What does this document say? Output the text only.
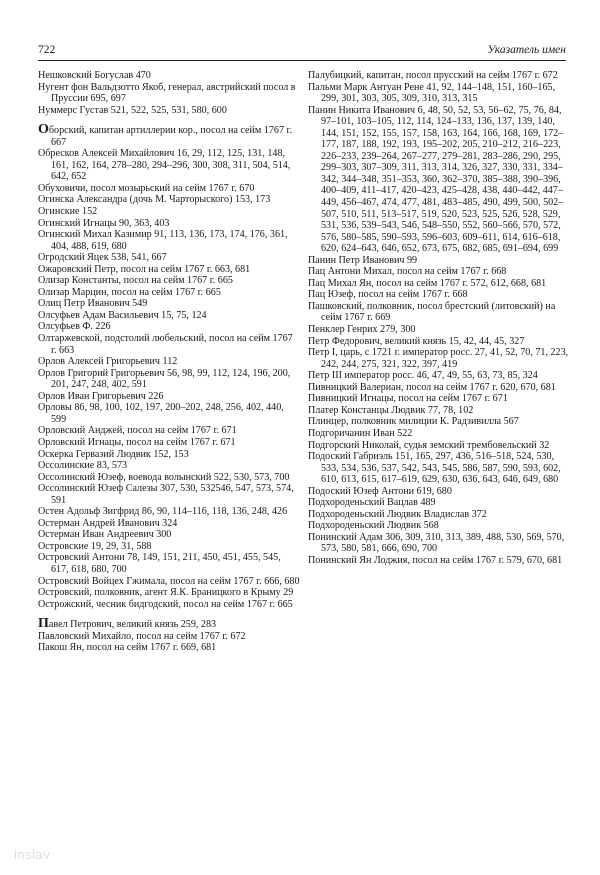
722	Указатель имен
Нешковский Богуслав 470
Нугент фон Вальдзотто Якоб, генерал, австрийский посол в Пруссии 695, 697
Нуммерс Густав 521, 522, 525, 531, 580, 600
Оборский, капитан артиллерии кор., посол на сейм 1767 г. 667
Обресков Алексей Михайлович 16, 29, 112, 125, 131, 148, 161, 162, 164, 278–280, 294–296, 300, 308, 311, 504, 514, 642, 652
Обуховичи, посол мозырьский на сейм 1767 г. 670
Огинска Александра (дочь М. Чарторыского) 153, 173
Огинские 152
Огинский Игнацы 90, 363, 403
Огинский Михал Казимир 91, 113, 136, 173, 174, 176, 361, 404, 488, 619, 680
Огродский Яцек 538, 541, 667
Ожаровский Петр, посол на сейм 1767 г. 663, 681
Олизар Константы, посол на сейм 1767 г. 665
Олизар Марцин, посол на сейм 1767 г. 665
Олиц Петр Иванович 549
Олсуфьев Адам Васильевич 15, 75, 124
Олсуфьев Ф. 226
Олтаржевской, подстолий любельский, посол на сейм 1767 г. 663
Орлов Алексей Григорьевич 112
Орлов Григорий Григорьевич 56, 98, 99, 112, 124, 196, 200, 201, 247, 248, 402, 591
Орлов Иван Григорьевич 226
Орловы 86, 98, 100, 102, 197, 200–202, 248, 256, 402, 440, 599
Орловский Анджей, посол на сейм 1767 г. 671
Орловский Игнацы, посол на сейм 1767 г. 671
Оскерка Гервазий Людвик 152, 153
Оссолинские 83, 573
Оссолинский Юзеф, воевода волынский 522, 530, 573, 700
Оссолинский Юзеф Салезы 307, 530, 532546, 547, 573, 574, 591
Остен Адольф Зигфрид 86, 90, 114–116, 118, 136, 248, 426
Остерман Андрей Иванович 324
Остерман Иван Андреевич 300
Островские 19, 29, 31, 588
Островский Антони 78, 149, 151, 211, 450, 451, 455, 545, 617, 618, 680, 700
Островский Войцех Гжимала, посол на сейм 1767 г. 666, 680
Островский, полковник, агент Я.К. Браницкого в Крыму 29
Острожский, чесник бидгодский, посол на сейм 1767 г. 665
Павел Петрович, великий князь 259, 283
Павловский Михайло, посол на сейм 1767 г. 672
Пакош Ян, посол на сейм 1767 г. 669, 681
Палубицкий, капитан, посол прусский на сейм 1767 г. 672
Пальми Марк Антуан Рене 41, 92, 144–148, 151, 160–165, 299, 301, 303, 305, 309, 310, 313, 315
Панин Никита Иванович 6, 48, 50, 52, 53, 56–62, 75, 76, 84, 97–101, 103–105, 112, 114, 124–133, 136, 137, 139, 140, 144, 151, 152, 155, 157, 158, 163, 164, 166, 168, 169, 172–177, 187, 188, 192, 193, 195–202, 205, 210–212, 216–223, 226–233, 239–264, 267–277, 279–281, 283–286, 290, 295, 299–303, 307–309, 311, 313, 314, 326, 327, 330, 331, 334–342, 344–348, 351–353, 360, 362–370, 385–388, 390–396, 400–409, 411–417, 420–423, 425–428, 438, 440–442, 447–449, 456–467, 474, 477, 481, 483–485, 490, 499, 500, 502–507, 510, 511, 513–517, 519, 520, 523, 525, 526, 528, 529, 531, 536, 539–543, 546, 548–550, 552, 560–566, 570, 572, 576, 580–585, 590–593, 596–603, 609–611, 614, 616–618, 620, 624–643, 646, 652, 673, 675, 682, 685, 691–694, 699
Панин Петр Иванович 99
Пац Антони Михал, посол на сейм 1767 г. 668
Пац Михал Ян, посол на сейм 1767 г. 572, 612, 668, 681
Пац Юзеф, посол на сейм 1767 г. 668
Пашковский, полковник, посол брестский (литовский) на сейм 1767 г. 669
Пенклер Генрих 279, 300
Петр Федорович, великий князь 15, 42, 44, 45, 327
Петр I, царь, с 1721 г. император росс. 27, 41, 52, 70, 71, 223, 242, 244, 275, 321, 322, 397, 419
Петр III император росс. 46, 47, 49, 55, 63, 73, 85, 324
Пивницкий Валериан, посол на сейм 1767 г. 620, 670, 681
Пивницкий Игнацы, посол на сейм 1767 г. 671
Платер Констанцы Людвик 77, 78, 102
Плинцер, полковник милиции К. Радзивилла 567
Подгоричанин Иван 522
Подгорский Николай, судья земский трембовельский 32
Подоский Габриэль 151, 165, 297, 436, 516–518, 524, 530, 533, 534, 536, 537, 542, 543, 545, 586, 587, 590, 593, 602, 610, 613, 615, 617–619, 629, 630, 636, 643, 646, 649, 680
Подоский Юзеф Антони 619, 680
Подхороденьский Вацлав 489
Подхороденьский Людвик Владислав 372
Подхороденьский Людвик 568
Понинский Адам 306, 309, 310, 313, 389, 488, 530, 569, 570, 573, 580, 581, 666, 690, 700
Понинский Ян Лоджия, посол на сейм 1767 г. 579, 670, 681
inslav
